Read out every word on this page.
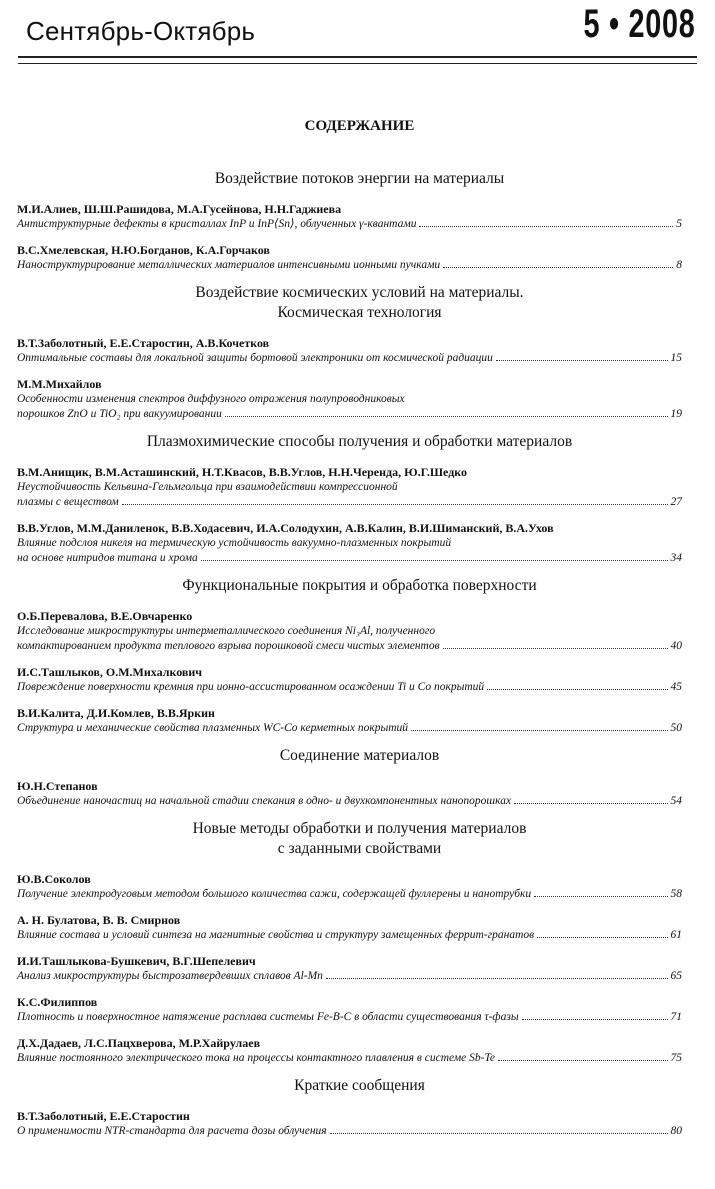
Сентябрь-Октябрь	5 • 2008
СОДЕРЖАНИЕ
Воздействие потоков энергии на материалы
М.И.Алиев, Ш.Ш.Рашидова, М.А.Гусейнова, Н.Н.Гаджиева
Антиструктурные дефекты в кристаллах InP и InP⟨Sn⟩, облученных γ-квантами	5
В.С.Хмелевская, Н.Ю.Богданов, К.А.Горчаков
Наноструктурирование металлических материалов интенсивными ионными пучками	8
Воздействие космических условий на материалы.
Космическая технология
В.Т.Заболотный, Е.Е.Старостин, А.В.Кочетков
Оптимальные составы для локальной защиты бортовой электроники от космической радиации	15
М.М.Михайлов
Особенности изменения спектров диффузного отражения полупроводниковых
порошков ZnO и TiO₂ при вакуумировании	19
Плазмохимические способы получения и обработки материалов
В.М.Анищик, В.М.Асташинский, Н.Т.Квасов, В.В.Углов, Н.Н.Черенда, Ю.Г.Шедко
Неустойчивость Кельвина-Гельмгольца при взаимодействии компрессионной
плазмы с веществом	27
В.В.Углов, М.М.Даниленок, В.В.Ходасевич, И.А.Солодухин, А.В.Калин, В.И.Шиманский, В.А.Ухов
Влияние подслоя никеля на термическую устойчивость вакуумно-плазменных покрытий
на основе нитридов титана и хрома	34
Функциональные покрытия и обработка поверхности
О.Б.Перевалова, В.Е.Овчаренко
Исследование микроструктуры интерметаллического соединения Ni₃Al, полученного
компактированием продукта теплового взрыва порошковой смеси чистых элементов	40
И.С.Ташлыков, О.М.Михалкович
Повреждение поверхности кремния при ионно-ассистированном осаждении Ti и Co покрытий	45
В.И.Калита, Д.И.Комлев, В.В.Яркин
Структура и механические свойства плазменных WC-Co керметных покрытий	50
Соединение материалов
Ю.Н.Степанов
Объединение наночастиц на начальной стадии спекания в одно- и двухкомпонентных нанопорошках	54
Новые методы обработки и получения материалов
с заданными свойствами
Ю.В.Соколов
Получение электродуговым методом большого количества сажи, содержащей фуллерены и нанотрубки	58
А. Н. Булатова, В. В. Смирнов
Влияние состава и условий синтеза на магнитные свойства и структуру замещенных феррит-гранатов	61
И.И.Ташлыкова-Бушкевич, В.Г.Шепелевич
Анализ микроструктуры быстрозатвердевших сплавов Al-Mn	65
К.С.Филиппов
Плотность и поверхностное натяжение расплава системы Fe-B-C в области существования τ-фазы	71
Д.Х.Дадаев, Л.С.Пацхверова, М.Р.Хайрулаев
Влияние постоянного электрического тока на процессы контактного плавления в системе Sb-Te	75
Краткие сообщения
В.Т.Заболотный, Е.Е.Старостин
О применимости NTR-стандарта для расчета дозы облучения	80
